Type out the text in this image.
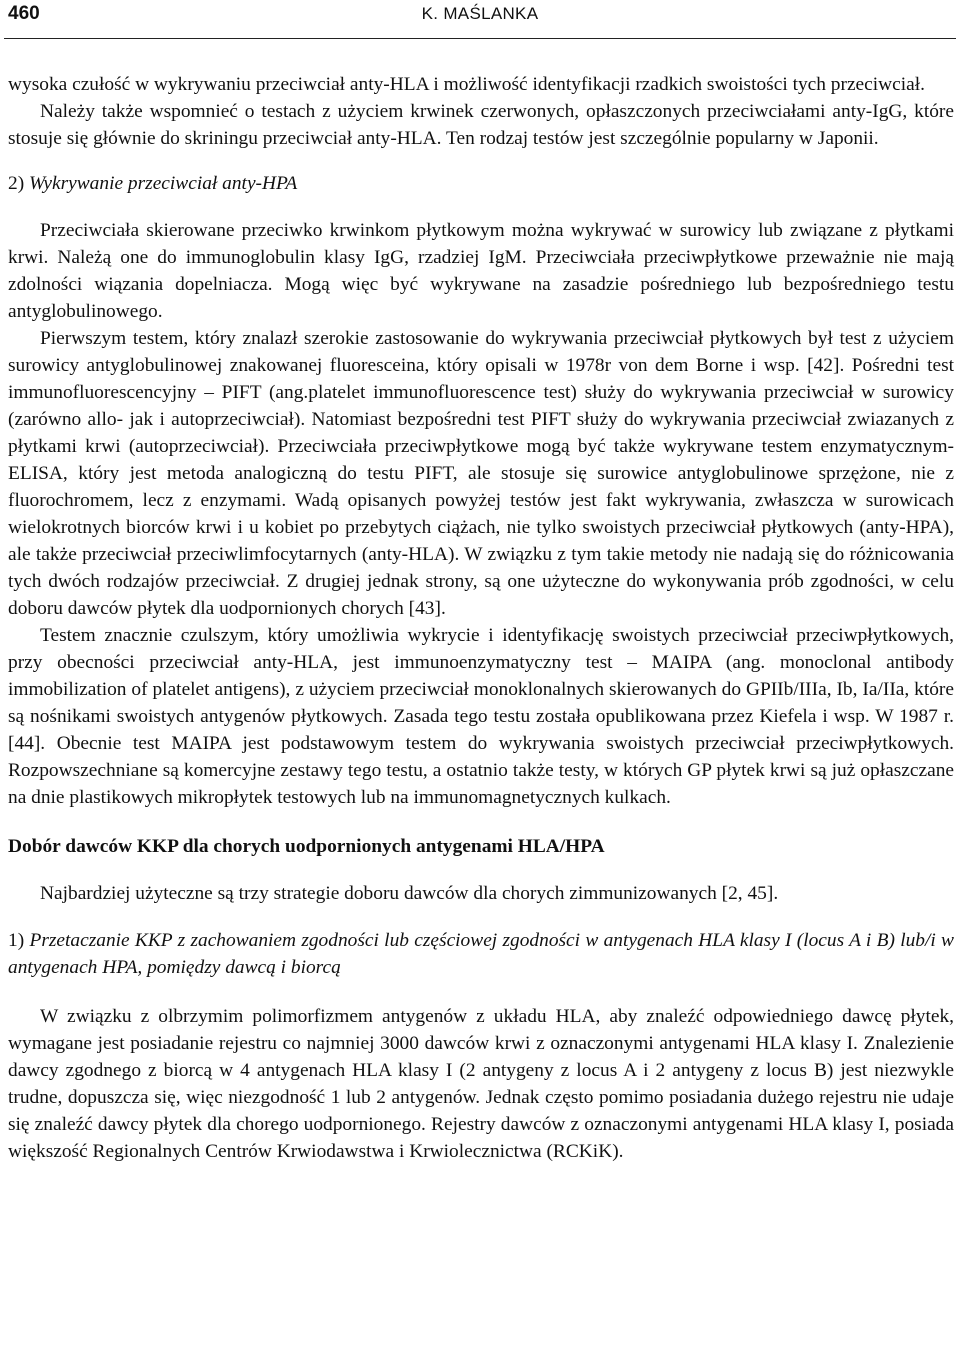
460	K. MAŚLANKA

wysoka czułość w wykrywaniu przeciwciał anty-HLA i możliwość identyfikacji rzadkich swoistości tych przeciwciał.

Należy także wspomnieć o testach z użyciem krwinek czerwonych, opłaszczonych przeciwciałami anty-IgG, które stosuje się głównie do skriningu przeciwciał anty-HLA. Ten rodzaj testów jest szczególnie popularny w Japonii.

2) Wykrywanie przeciwciał anty-HPA

Przeciwciała skierowane przeciwko krwinkom płytkowym można wykrywać w surowicy lub związane z płytkami krwi. Należą one do immunoglobulin klasy IgG, rzadziej IgM. Przeciwciała przeciwpłytkowe przeważnie nie mają zdolności wiązania dopelniacza. Mogą więc być wykrywane na zasadzie pośredniego lub bezpośredniego testu antyglobulinowego.

Pierwszym testem, który znalazł szerokie zastosowanie do wykrywania przeciwciał płytkowych był test z użyciem surowicy antyglobulinowej znakowanej fluoresceina, który opisali w 1978r von dem Borne i wsp. [42]. Pośredni test immunofluorescencyjny – PIFT (ang.platelet immunofluorescence test) służy do wykrywania przeciwciał w surowicy (zarówno allo- jak i autoprzeciwciał). Natomiast bezpośredni test PIFT służy do wykrywania przeciwciał zwiazanych z płytkami krwi (autoprzeciwciał). Przeciwciała przeciwpłytkowe mogą być także wykrywane testem enzymatycznym-ELISA, który jest metoda analogiczną do testu PIFT, ale stosuje się surowice antyglobulinowe sprzężone, nie z fluorochromem, lecz z enzymami. Wadą opisanych powyżej testów jest fakt wykrywania, zwłaszcza w surowicach wielokrotnych biorców krwi i u kobiet po przebytych ciążach, nie tylko swoistych przeciwciał płytkowych (anty-HPA), ale także przeciwciał przeciwlimfocytarnych (anty-HLA). W związku z tym takie metody nie nadają się do różnicowania tych dwóch rodzajów przeciwciał. Z drugiej jednak strony, są one użyteczne do wykonywania prób zgodności, w celu doboru dawców płytek dla uodpornionych chorych [43].

Testem znacznie czulszym, który umożliwia wykrycie i identyfikację swoistych przeciwciał przeciwpłytkowych, przy obecności przeciwciał anty-HLA, jest immunoenzymatyczny test – MAIPA (ang. monoclonal antibody immobilization of platelet antigens), z użyciem przeciwciał monoklonalnych skierowanych do GPIIb/IIIa, Ib, Ia/IIa, które są nośnikami swoistych antygenów płytkowych. Zasada tego testu została opublikowana przez Kiefela i wsp. W 1987 r. [44]. Obecnie test MAIPA jest podstawowym testem do wykrywania swoistych przeciwciał przeciwpłytkowych. Rozpowszechniane są komercyjne zestawy tego testu, a ostatnio także testy, w których GP płytek krwi są już opłaszczane na dnie plastikowych mikropłytek testowych lub na immunomagnetycznych kulkach.

Dobór dawców KKP dla chorych uodpornionych antygenami HLA/HPA

Najbardziej użyteczne są trzy strategie doboru dawców dla chorych zimmunizowanych [2, 45].

1) Przetaczanie KKP z zachowaniem zgodności lub częściowej zgodności w antygenach HLA klasy I (locus A i B) lub/i w antygenach HPA, pomiędzy dawcą i biorcą

W związku z olbrzymim polimorfizmem antygenów z układu HLA, aby znaleźć odpowiedniego dawcę płytek, wymagane jest posiadanie rejestru co najmniej 3000 dawców krwi z oznaczonymi antygenami HLA klasy I. Znalezienie dawcy zgodnego z biorcą w 4 antygenach HLA klasy I (2 antygeny z locus A i 2 antygeny z locus B) jest niezwykle trudne, dopuszcza się, więc niezgodność 1 lub 2 antygenów. Jednak często pomimo posiadania dużego rejestru nie udaje się znaleźć dawcy płytek dla chorego uodpornionego. Rejestry dawców z oznaczonymi antygenami HLA klasy I, posiada większość Regionalnych Centrów Krwiodawstwa i Krwiolecznictwa (RCKiK).
